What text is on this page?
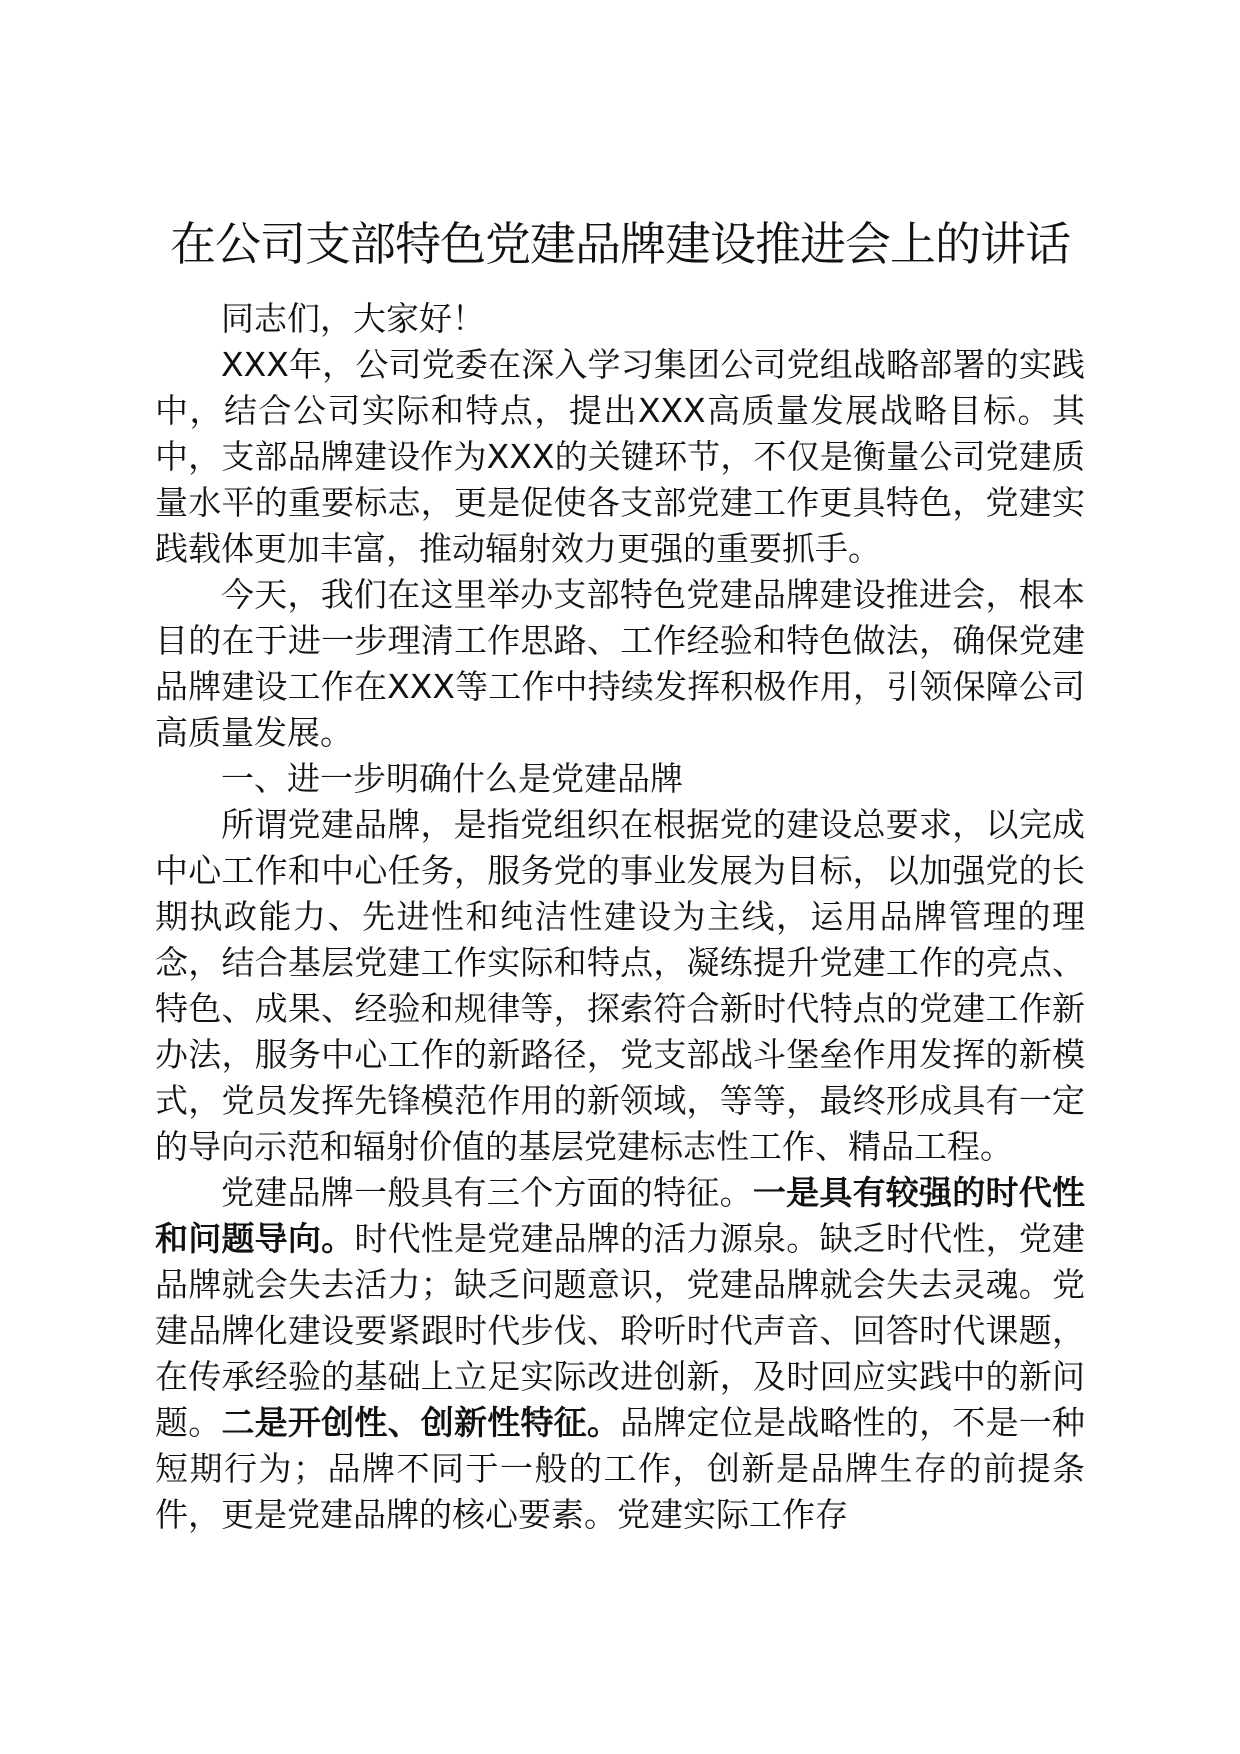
在公司支部特色党建品牌建设推进会上的讲话

同志们，大家好！

XXX年，公司党委在深入学习集团公司党组战略部署的实践中，结合公司实际和特点，提出XXX高质量发展战略目标。其中，支部品牌建设作为XXX的关键环节，不仅是衡量公司党建质量水平的重要标志，更是促使各支部党建工作更具特色，党建实践载体更加丰富，推动辐射效力更强的重要抓手。

今天，我们在这里举办支部特色党建品牌建设推进会，根本目的在于进一步理清工作思路、工作经验和特色做法，确保党建品牌建设工作在XXX等工作中持续发挥积极作用，引领保障公司高质量发展。

一、进一步明确什么是党建品牌

所谓党建品牌，是指党组织在根据党的建设总要求，以完成中心工作和中心任务，服务党的事业发展为目标，以加强党的长期执政能力、先进性和纯洁性建设为主线，运用品牌管理的理念，结合基层党建工作实际和特点，凝练提升党建工作的亮点、特色、成果、经验和规律等，探索符合新时代特点的党建工作新办法，服务中心工作的新路径，党支部战斗堡垒作用发挥的新模式，党员发挥先锋模范作用的新领域，等等，最终形成具有一定的导向示范和辐射价值的基层党建标志性工作、精品工程。

党建品牌一般具有三个方面的特征。一是具有较强的时代性和问题导向。时代性是党建品牌的活力源泉。缺乏时代性，党建品牌就会失去活力；缺乏问题意识，党建品牌就会失去灵魂。党建品牌化建设要紧跟时代步伐、聆听时代声音、回答时代课题，在传承经验的基础上立足实际改进创新，及时回应实践中的新问题。二是开创性、创新性特征。品牌定位是战略性的，不是一种短期行为；品牌不同于一般的工作，创新是品牌生存的前提条件，更是党建品牌的核心要素。党建实际工作存
